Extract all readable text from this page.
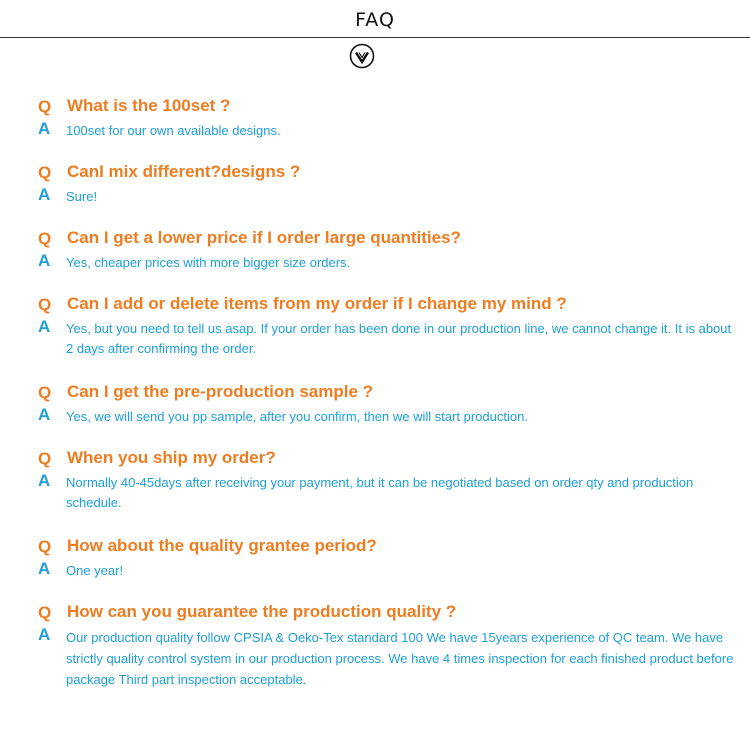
FAQ
Q What is the 100set ?
A	100set for our own available designs.
Q CanI mix different?designs ?
A	Sure!
Q Can I get a lower price if I order large quantities?
A	Yes, cheaper prices with more bigger size orders.
Q Can I add or delete items from my order if I change my mind ?
A	Yes, but you need to tell us asap. If your order has been done in our production line, we cannot change it. It is about 2 days after confirming the order.
Q Can I get the pre-production sample ?
A	Yes, we will send you pp sample, after you confirm, then we will start production.
Q When you ship my order?
A	Normally 40-45days after receiving your payment, but it can be negotiated based on order qty and production schedule.
Q How about the quality grantee period?
A	One year!
Q How can you guarantee the production quality ?
A	Our production quality follow CPSIA & Oeko-Tex standard 100 We have 15years experience of QC team. We have strictly quality control system in our production process. We have 4 times inspection for each finished product before package Third part inspection acceptable.
